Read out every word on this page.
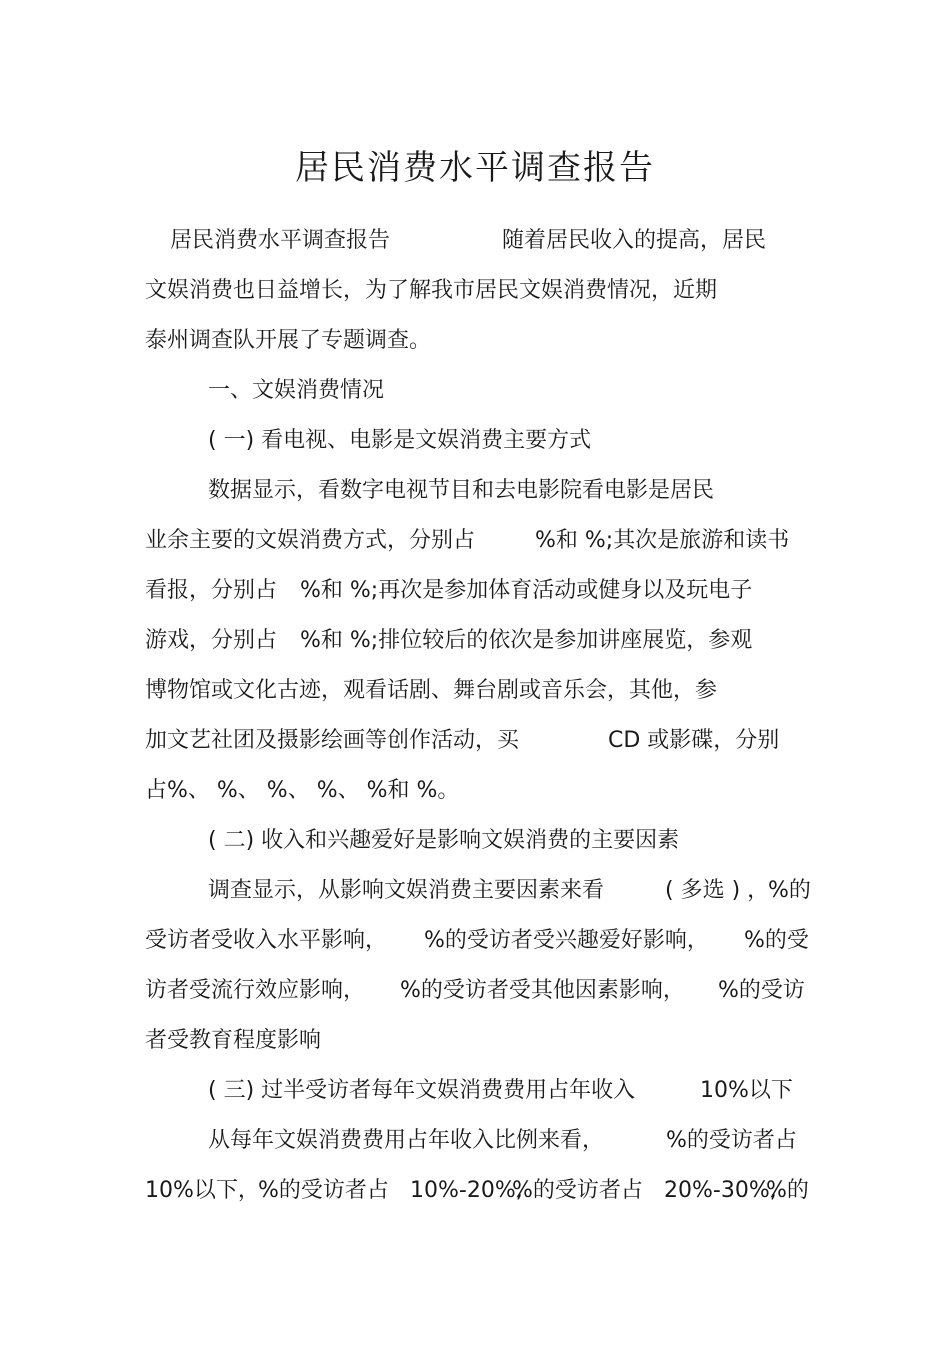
居民消费水平调查报告
居民消费水平调查报告	随着居民收入的提高，居民
文娱消费也日益增长，为了解我市居民文娱消费情况，近期
泰州调查队开展了专题调查。
一、文娱消费情况
( 一) 看电视、电影是文娱消费主要方式
数据显示，看数字电视节目和去电影院看电影是居民
业余主要的文娱消费方式，分别占	%和 %;其次是旅游和读书
看报，分别占 %和 %;再次是参加体育活动或健身以及玩电子
游戏，分别占 %和 %;排位较后的依次是参加讲座展览，参观
博物馆或文化古迹，观看话剧、舞台剧或音乐会，其他，参
加文艺社团及摄影绘画等创作活动，买	CD 或影碟，分别
占%、 %、 %、 %、 %和 %。
( 二) 收入和兴趣爱好是影响文娱消费的主要因素
调查显示，从影响文娱消费主要因素来看	( 多选 ) ，
%的
受访者受收入水平影响， %的受访者受兴趣爱好影响， %的受
访者受流行效应影响， %的受访者受其他因素影响， %的受访
者受教育程度影响
( 三) 过半受访者每年文娱消费费用占年收入	10%以下
从每年文娱消费费用占年收入比例来看，	%的受访者占
10%以下，
%的受访者占 10%-20%,
%的受访者占 20%-30%,
%的
